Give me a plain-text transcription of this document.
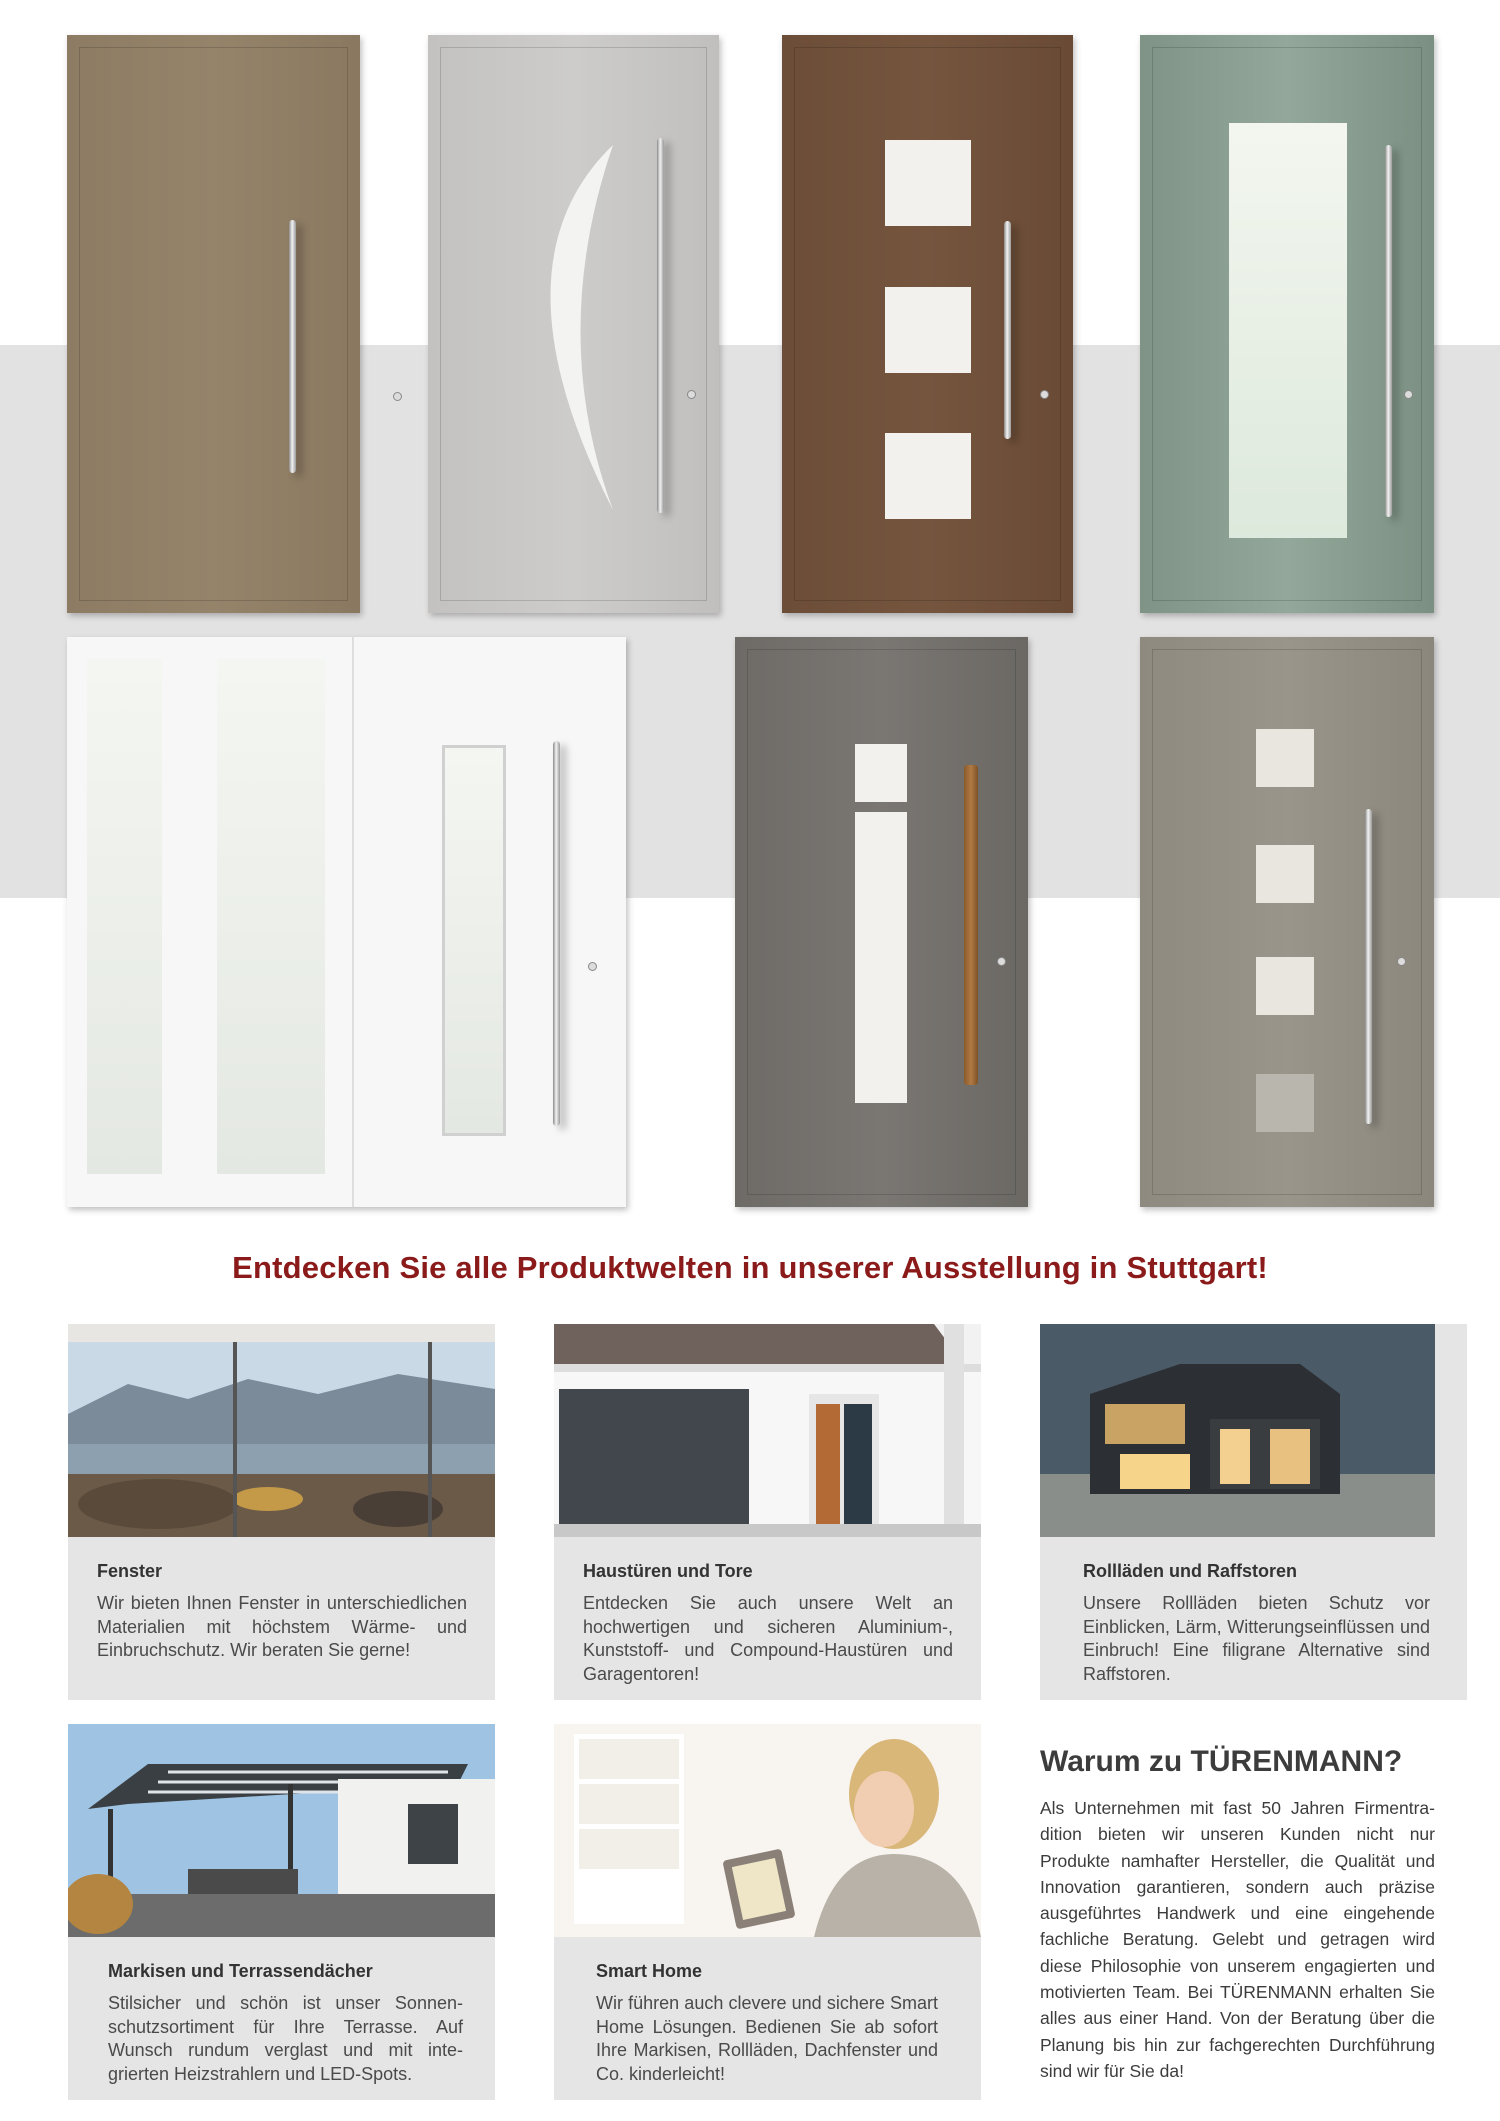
Entdecken Sie alle Produktwelten in unserer Ausstellung in Stuttgart!
Fenster

Wir bieten Ihnen Fenster in unterschiedlichen Materialien mit höchstem Wärme- und Einbruchschutz. Wir beraten Sie gerne!

Haustüren und Tore

Entdecken Sie auch unsere Welt an hochwertigen und sicheren Aluminium-, Kunststoff- und Compound-Haustüren und Garagentoren!

Rollläden und Raffstoren

Unsere Rollläden bieten Schutz vor Einblicken, Lärm, Witterungseinflüssen und Einbruch! Eine filigrane Alternative sind Raffstoren.

Markisen und Terrassendächer

Stilsicher und schön ist unser Sonnenschutzsortiment für Ihre Terrasse. Auf Wunsch rundum verglast und mit integrierten Heizstrahlern und LED-Spots.

Smart Home

Wir führen auch clevere und sichere Smart Home Lösungen. Bedienen Sie ab sofort Ihre Markisen, Rollläden, Dachfenster und Co. kinderleicht!

Warum zu TÜRENMANN?

Als Unternehmen mit fast 50 Jahren Firmentradition bieten wir unseren Kunden nicht nur Produkte namhafter Hersteller, die Qualität und Innovation garantieren, sondern auch präzise ausgeführtes Handwerk und eine eingehende fachliche Beratung. Gelebt und getragen wird diese Philosophie von unserem engagierten und motivierten Team. Bei TÜRENMANN erhalten Sie alles aus einer Hand. Von der Beratung über die Planung bis hin zur fachgerechten Durchführung sind wir für Sie da!
